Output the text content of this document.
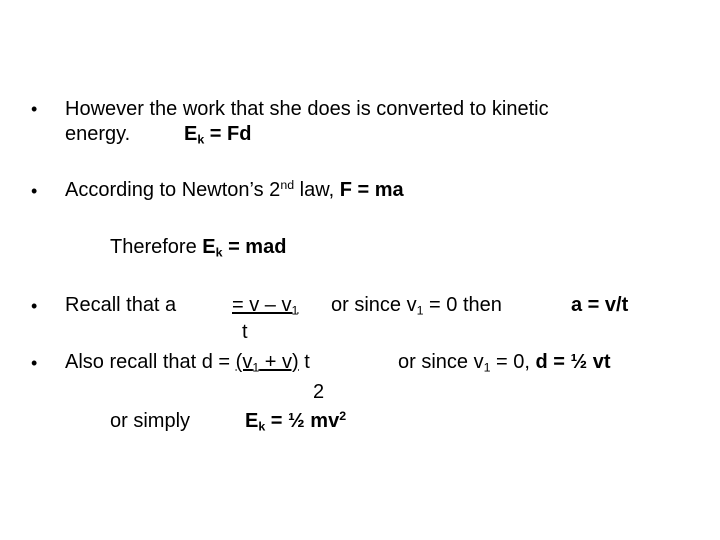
• However the work that she does is converted to kinetic
energy.	$E_k = Fd$
• According to Newton’s 2nd law, F = ma
Therefore $E_k$ = mad
• Recall that a	= v – $v_1$ or since $v_1 = 0$ then	a = v/t
t
• Also recall that $d = (v_1 + v)$ t	or since $v_1 = 0$, d = ½ vt
2
or simply	$E_k$ = ½ $mv^2$
